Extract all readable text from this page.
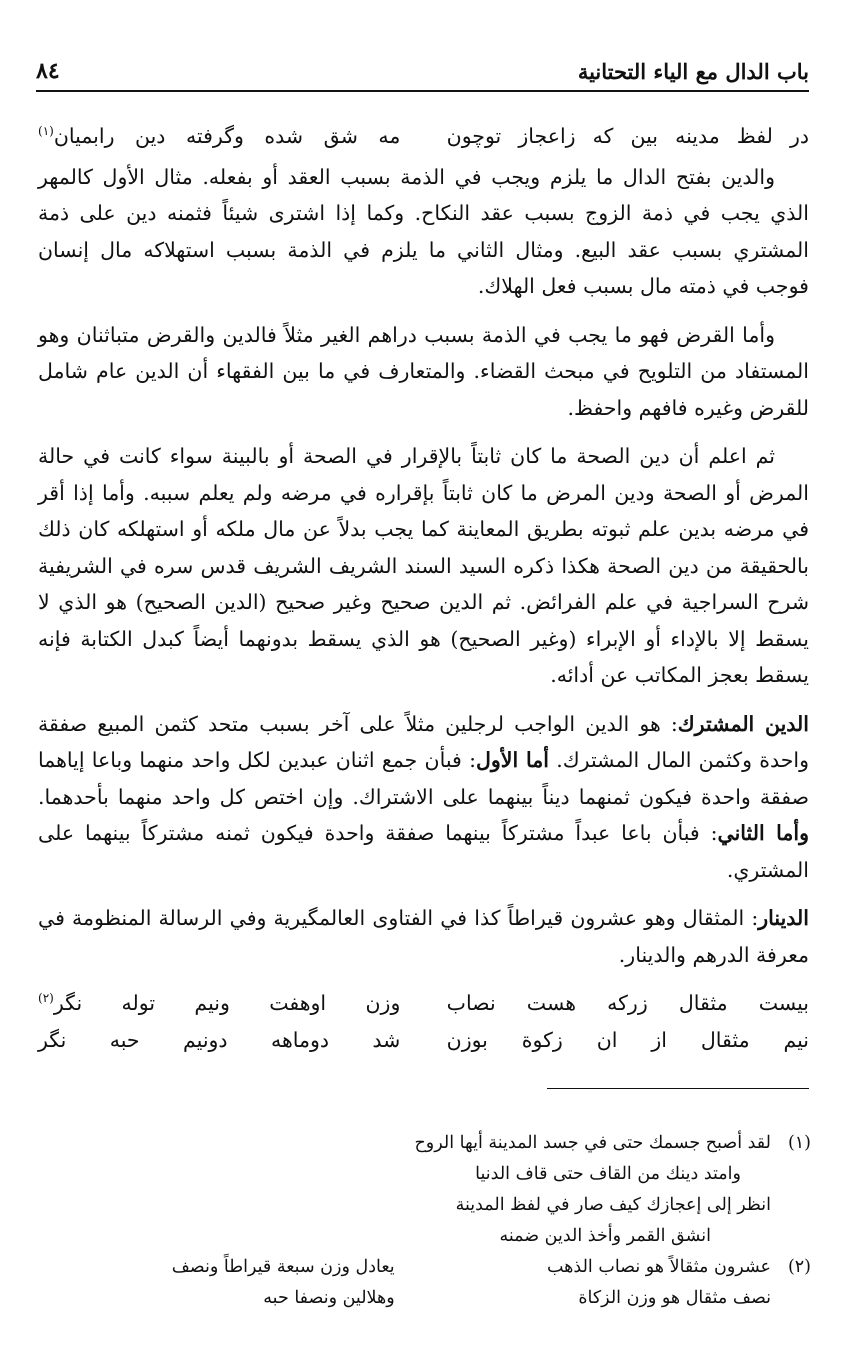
باب الدال مع الياء التحتانية
٨٤
در لفظ مدينه بين كه زاعجاز توچون
مه شق شده وگرفته دين رابميان$^{(١)}$

والدين بفتح الدال ما يلزم ويجب في الذمة بسبب العقد أو بفعله. مثال الأول كالمهر الذي يجب في ذمة الزوج بسبب عقد النكاح. وكما إذا اشترى شيئاً فثمنه دين على ذمة المشتري بسبب عقد البيع. ومثال الثاني ما يلزم في الذمة بسبب استهلاكه مال إنسان فوجب في ذمته مال بسبب فعل الهلاك.

وأما القرض فهو ما يجب في الذمة بسبب دراهم الغير مثلاً فالدين والقرض متباثنان وهو المستفاد من التلويح في مبحث القضاء. والمتعارف في ما بين الفقهاء أن الدين عام شامل للقرض وغيره فافهم واحفظ.

ثم اعلم أن دين الصحة ما كان ثابتاً بالإقرار في الصحة أو بالبينة سواء كانت في حالة المرض أو الصحة ودين المرض ما كان ثابتاً بإقراره في مرضه ولم يعلم سببه. وأما إذا أقر في مرضه بدين علم ثبوته بطريق المعاينة كما يجب بدلاً عن مال ملكه أو استهلكه كان ذلك بالحقيقة من دين الصحة هكذا ذكره السيد السند الشريف الشريف قدس سره في الشريفية شرح السراجية في علم الفرائض. ثم الدين صحيح وغير صحيح (الدين الصحيح) هو الذي لا يسقط إلا بالإداء أو الإبراء (وغير الصحيح) هو الذي يسقط بدونهما أيضاً كبدل الكتابة فإنه يسقط بعجز المكاتب عن أدائه.

الدين المشترك: هو الدين الواجب لرجلين مثلاً على آخر بسبب متحد كثمن المبيع صفقة واحدة وكثمن المال المشترك. أما الأول: فبأن جمع اثنان عبدين لكل واحد منهما وباعا إياهما صفقة واحدة فيكون ثمنهما ديناً بينهما على الاشتراك. وإن اختص كل واحد منهما بأحدهما. وأما الثاني: فبأن باعا عبداً مشتركاً بينهما صفقة واحدة فيكون ثمنه مشتركاً بينهما على المشتري.

الدينار: المثقال وهو عشرون قيراطاً كذا في الفتاوى العالمگيرية وفي الرسالة المنظومة في معرفة الدرهم والدينار.

بيست مثقال زركه هست نصاب
وزن اوهفت ونيم توله نگر$^{(٢)}$
نيم مثقال از ان زكوة بوزن
شد دوماهه دونيم حبه نگر
(١)لقد أصبح جسمك حتى في جسد المدينة أيها الروح
وامتد دينك من القاف حتى قاف الدنيا
انظر إلى إعجازك كيف صار في لفظ المدينة
انشق القمر وأخذ الدين ضمنه
(٢)عشرون مثقالاً هو نصاب الذهب
يعادل وزن سبعة قيراطاً ونصف
نصف مثقال هو وزن الزكاة
وهلالين ونصفا حبه
